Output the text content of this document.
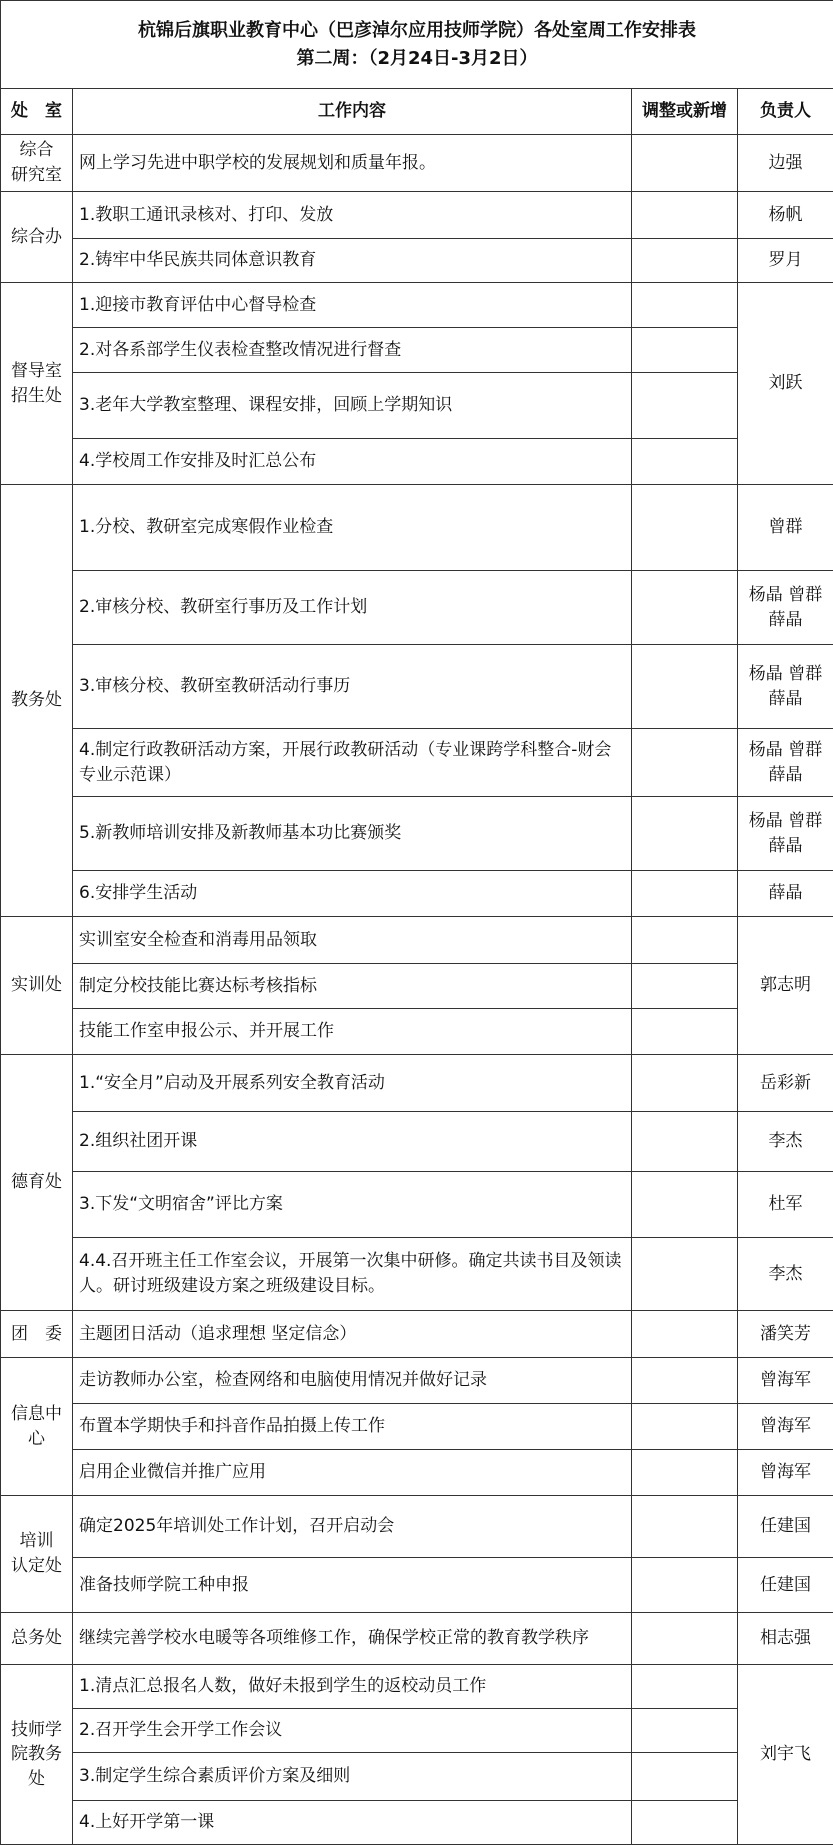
杭锦后旗职业教育中心（巴彦淖尔应用技师学院）各处室周工作安排表
第二周：（2月24日-3月2日）			

处　室	工作内容	调整或新增	负责人

综合
研究室	网上学习先进中职学校的发展规划和质量年报。		边强

综合办	1.教职工通讯录核对、打印、发放		杨帆
	2.铸牢中华民族共同体意识教育		罗月

督导室
招生处	1.迎接市教育评估中心督导检查		刘跃
	2.对各系部学生仪表检查整改情况进行督查		
	3.老年大学教室整理、课程安排，回顾上学期知识		
	4.学校周工作安排及时汇总公布		

教务处	1.分校、教研室完成寒假作业检查		曾群
	2.审核分校、教研室行事历及工作计划		杨晶 曾群 薛晶
	3.审核分校、教研室教研活动行事历		杨晶 曾群 薛晶
	4.制定行政教研活动方案，开展行政教研活动（专业课跨学科整合-财会专业示范课）		杨晶 曾群 薛晶
	5.新教师培训安排及新教师基本功比赛颁奖		杨晶 曾群 薛晶
	6.安排学生活动		薛晶

实训处	实训室安全检查和消毒用品领取		郭志明
	制定分校技能比赛达标考核指标		
	技能工作室申报公示、并开展工作		

德育处	1.“安全月”启动及开展系列安全教育活动		岳彩新
	2.组织社团开课		李杰
	3.下发“文明宿舍”评比方案		杜军
	4.4.召开班主任工作室会议，开展第一次集中研修。确定共读书目及领读人。研讨班级建设方案之班级建设目标。		李杰

团　委	主题团日活动（追求理想 坚定信念）		潘笑芳

信息中
心	走访教师办公室，检查网络和电脑使用情况并做好记录		曾海军
	布置本学期快手和抖音作品拍摄上传工作		曾海军
	启用企业微信并推广应用		曾海军

培训
认定处	确定2025年培训处工作计划，召开启动会		任建国
	准备技师学院工种申报		任建国

总务处	继续完善学校水电暖等各项维修工作，确保学校正常的教育教学秩序		相志强

技师学
院教务
处	1.清点汇总报名人数，做好未报到学生的返校动员工作		刘宇飞
	2.召开学生会开学工作会议		
	3.制定学生综合素质评价方案及细则		
	4.上好开学第一课		
